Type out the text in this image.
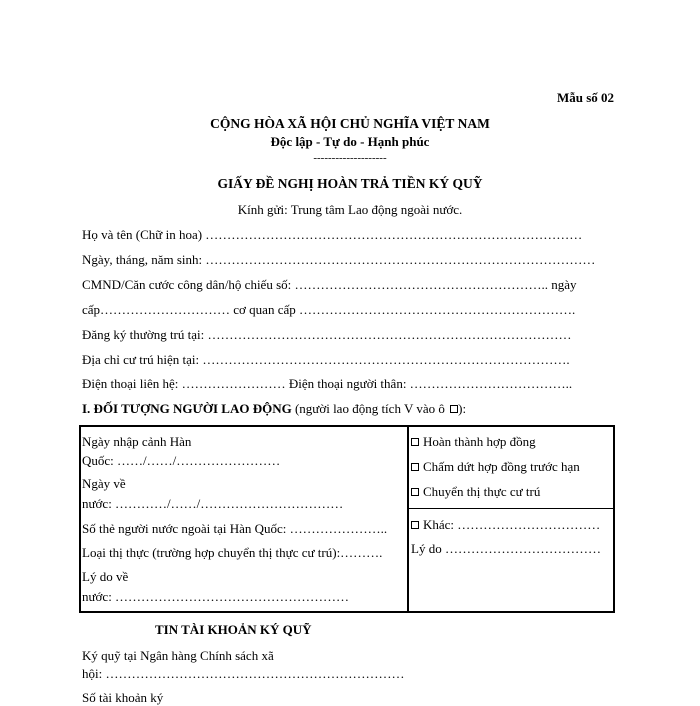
Mẫu số 02
CỘNG HÒA XÃ HỘI CHỦ NGHĨA VIỆT NAM
Độc lập - Tự do - Hạnh phúc
--------------------
GIẤY ĐỀ NGHỊ HOÀN TRẢ TIỀN KÝ QUỸ
Kính gửi: Trung tâm Lao động ngoài nước.
Họ và tên (Chữ in hoa) ……………………………………………………………………………
Ngày, tháng, năm sinh: ………………………………………………………………………………
CMND/Căn cước công dân/hộ chiếu số: ………………………………………………….. ngày
cấp………………………… cơ quan cấp ……………………………………………………….
Đăng ký thường trú tại: …………………………………………………………………………
Địa chỉ cư trú hiện tại: ………………………………………………………………………….
Điện thoại liên hệ: …………………… Điện thoại người thân: ………………………………..
I. ĐỐI TƯỢNG NGƯỜI LAO ĐỘNG (người lao động tích V vào ô ):
Ngày nhập cảnh Hàn
Quốc: ……/……/……………………
Ngày về
nước: …………/……/……………………………
Số thẻ người nước ngoài tại Hàn Quốc: …………………..
Loại thị thực (trường hợp chuyển thị thực cư trú):……….
Lý do về
nước: ………………………………………………
Hoàn thành hợp đồng
Chấm dứt hợp đồng trước hạn
Chuyển thị thực cư trú
Khác: ……………………………
Lý do ………………………………
TIN TÀI KHOẢN KÝ QUỸ
Ký quỹ tại Ngân hàng Chính sách xã
hội: ……………………………………………………………
Số tài khoản ký
